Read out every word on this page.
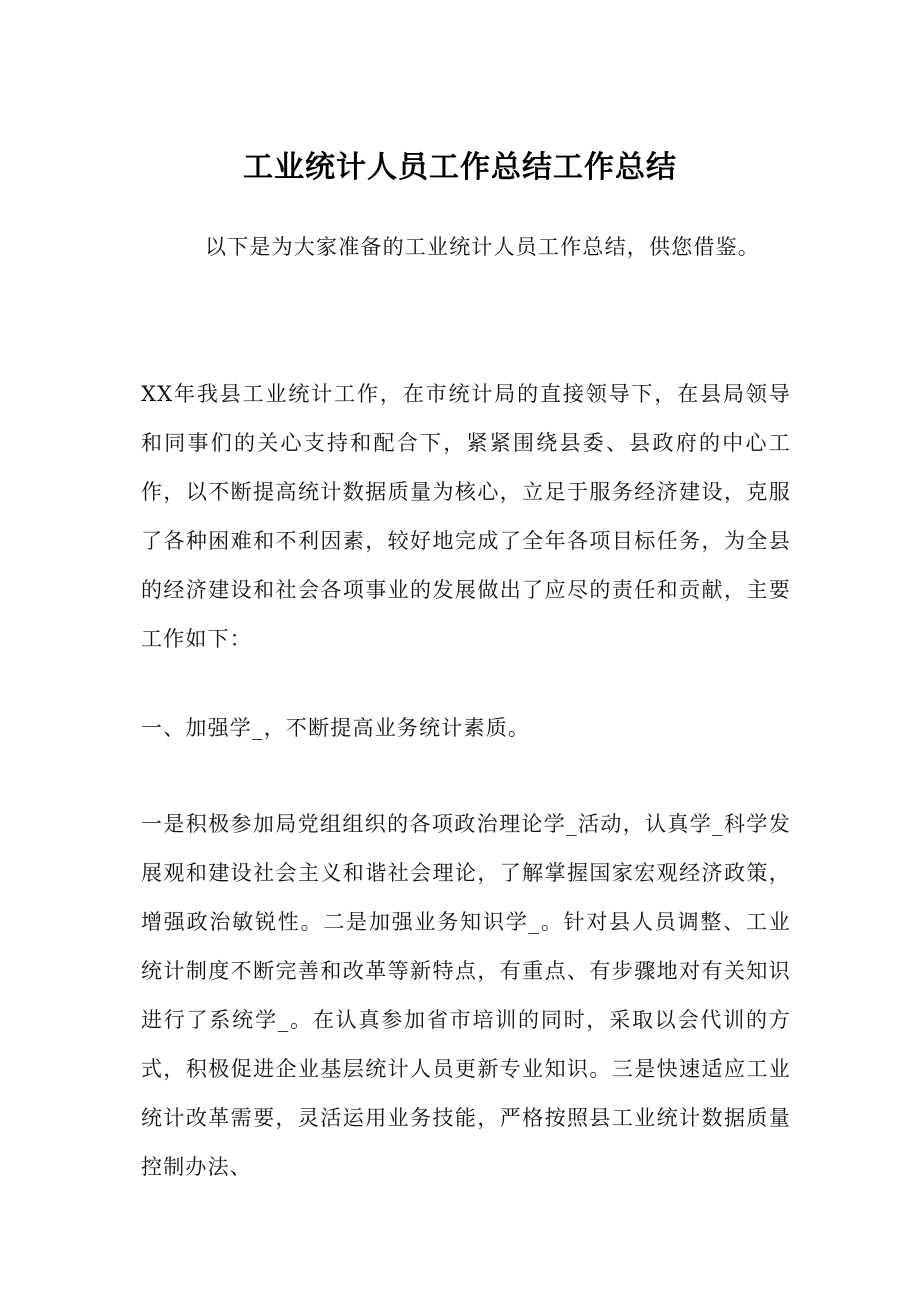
工业统计人员工作总结工作总结

以下是为大家准备的工业统计人员工作总结，供您借鉴。

XX年我县工业统计工作，在市统计局的直接领导下，在县局领导和同事们的关心支持和配合下，紧紧围绕县委、县政府的中心工作，以不断提高统计数据质量为核心，立足于服务经济建设，克服了各种困难和不利因素，较好地完成了全年各项目标任务，为全县的经济建设和社会各项事业的发展做出了应尽的责任和贡献，主要工作如下：

一、加强学_，不断提高业务统计素质。

一是积极参加局党组组织的各项政治理论学_活动，认真学_科学发展观和建设社会主义和谐社会理论，了解掌握国家宏观经济政策，增强政治敏锐性。二是加强业务知识学_。针对县人员调整、工业统计制度不断完善和改革等新特点，有重点、有步骤地对有关知识进行了系统学_。在认真参加省市培训的同时，采取以会代训的方式，积极促进企业基层统计人员更新专业知识。三是快速适应工业统计改革需要，灵活运用业务技能，严格按照县工业统计数据质量控制办法、
